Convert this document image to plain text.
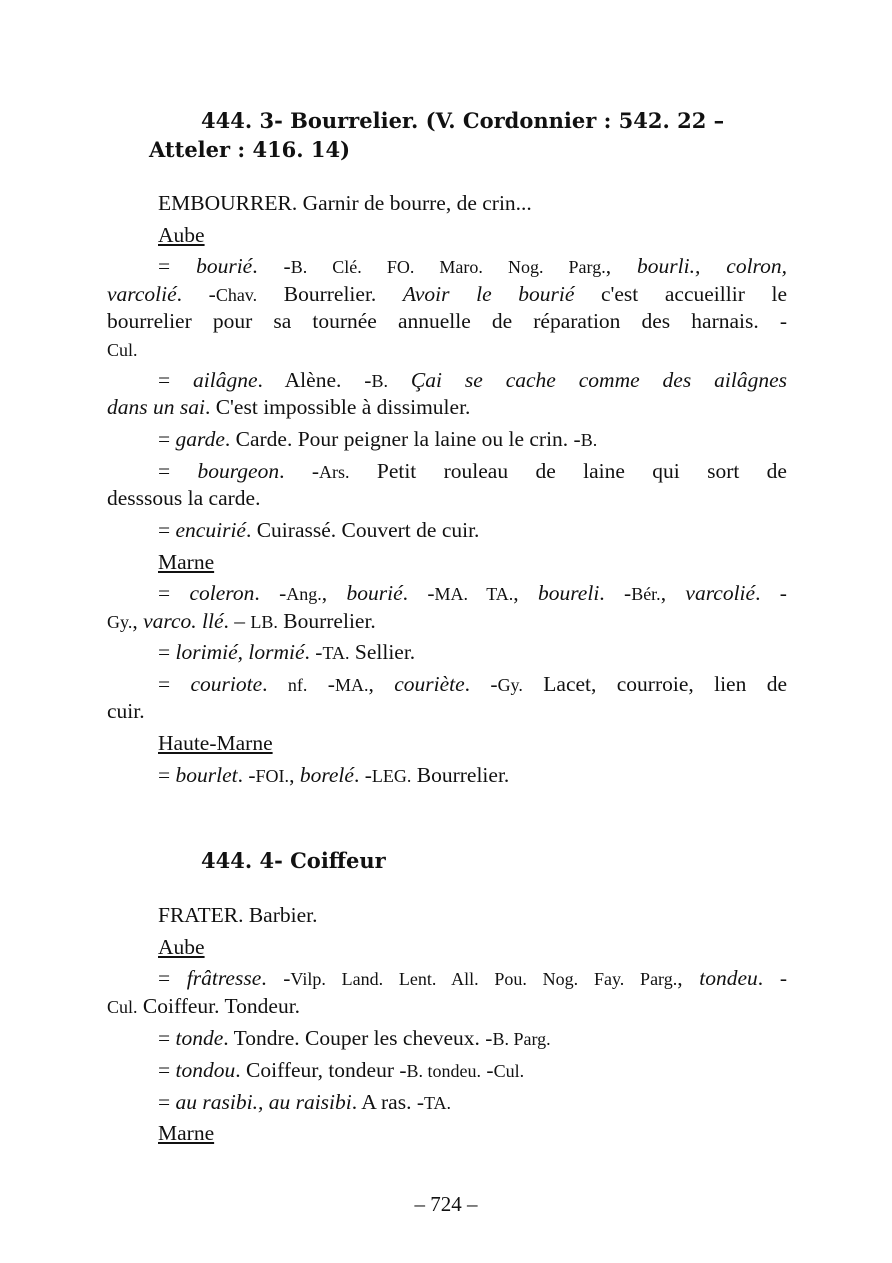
444. 3- Bourrelier. (V. Cordonnier : 542. 22 –
Atteler : 416. 14)
EMBOURRER. Garnir de bourre, de crin...
Aube
= bourié. -B. Clé. FO. Maro. Nog. Parg., bourli., colron,
varcolié. -Chav. Bourrelier. Avoir le bourié c'est accueillir le
bourrelier pour sa tournée annuelle de réparation des harnais. -
Cul.
= ailâgne. Alène. -B. Çai se cache comme des ailâgnes
dans un sai. C'est impossible à dissimuler.
= garde. Carde. Pour peigner la laine ou le crin. -B.
= bourgeon. -Ars. Petit rouleau de laine qui sort de
desssous la carde.
= encuirié. Cuirassé. Couvert de cuir.
Marne
= coleron. -Ang., bourié. -MA. TA., boureli. -Bér., varcolié. -
Gy., varco. llé. – LB. Bourrelier.
= lorimié, lormié. -TA. Sellier.
= couriote. nf. -MA., couriète. -Gy. Lacet, courroie, lien de
cuir.
Haute-Marne
= bourlet. -FOI., borelé. -LEG. Bourrelier.
444. 4- Coiffeur
FRATER. Barbier.
Aube
= frâtresse. -Vilp. Land. Lent. All. Pou. Nog. Fay. Parg., tondeu. -
Cul. Coiffeur. Tondeur.
= tonde. Tondre. Couper les cheveux. -B. Parg.
= tondou. Coiffeur, tondeur -B. tondeu. -Cul.
= au rasibi., au raisibi. A ras. -TA.
Marne
– 724 –
